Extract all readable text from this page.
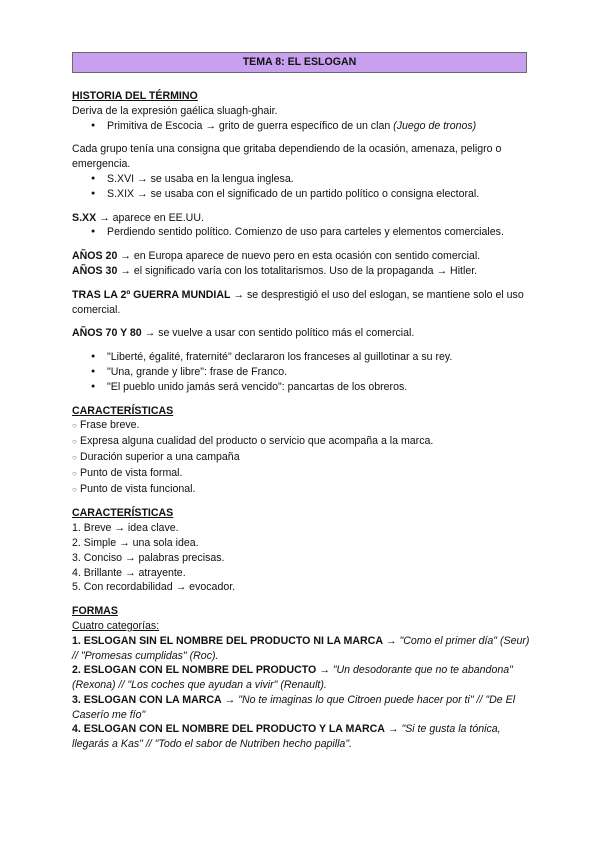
TEMA 8: EL ESLOGAN
HISTORIA DEL TÉRMINO
Deriva de la expresión gaélica sluagh-ghair.
● Primitiva de Escocia → grito de guerra específico de un clan (Juego de tronos)
Cada grupo tenía una consigna que gritaba dependiendo de la ocasión, amenaza, peligro o emergencia.
● S.XVI → se usaba en la lengua inglesa.
● S.XIX → se usaba con el significado de un partido político o consigna electoral.
S.XX → aparece en EE.UU.
● Perdiendo sentido político. Comienzo de uso para carteles y elementos comerciales.
AÑOS 20 → en Europa aparece de nuevo pero en esta ocasión con sentido comercial.
AÑOS 30 → el significado varía con los totalitarismos. Uso de la propaganda → Hitler.
TRAS LA 2º GUERRA MUNDIAL → se desprestigió el uso del eslogan, se mantiene solo el uso comercial.
AÑOS 70 Y 80 → se vuelve a usar con sentido político más el comercial.
● "Liberté, égalité, fraternité" declararon los franceses al guillotinar a su rey.
● "Una, grande y libre": frase de Franco.
● "El pueblo unido jamás será vencido": pancartas de los obreros.
CARACTERÍSTICAS
○ Frase breve.
○ Expresa alguna cualidad del producto o servicio que acompaña a la marca.
○ Duración superior a una campaña
○ Punto de vista formal.
○ Punto de vista funcional.
CARACTERÍSTICAS
1. Breve → idea clave.
2. Simple → una sola idea.
3. Conciso → palabras precisas.
4. Brillante → atrayente.
5. Con recordabilidad → evocador.
FORMAS
Cuatro categorías:
1. ESLOGAN SIN EL NOMBRE DEL PRODUCTO NI LA MARCA → "Como el primer día" (Seur) // "Promesas cumplidas" (Roc).
2. ESLOGAN CON EL NOMBRE DEL PRODUCTO → "Un desodorante que no te abandona" (Rexona) // "Los coches que ayudan a vivir" (Renault).
3. ESLOGAN CON LA MARCA → "No te imaginas lo que Citroen puede hacer por ti" // "De El Caserío me fío"
4. ESLOGAN CON EL NOMBRE DEL PRODUCTO Y LA MARCA → "Si te gusta la tónica, llegarás a Kas" // "Todo el sabor de Nutriben hecho papilla".
